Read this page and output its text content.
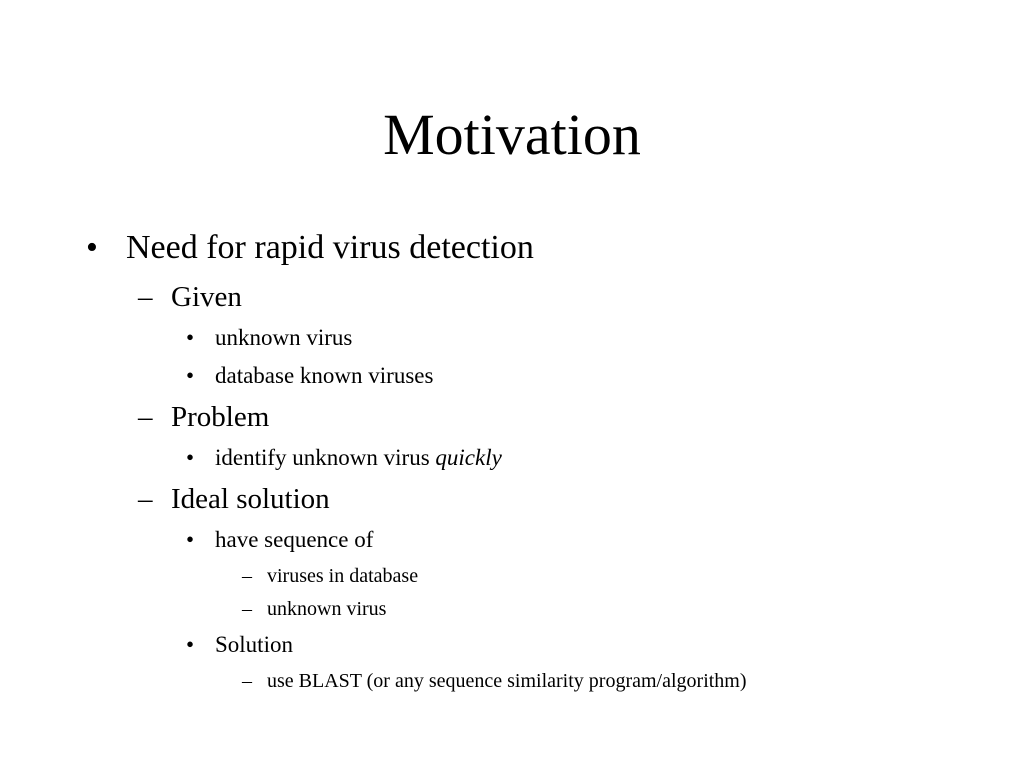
Motivation
• Need for rapid virus detection
– Given
• unknown virus
• database known viruses
– Problem
• identify unknown virus quickly
– Ideal solution
• have sequence of
– viruses in database
– unknown virus
• Solution
– use BLAST (or any sequence similarity program/algorithm)
